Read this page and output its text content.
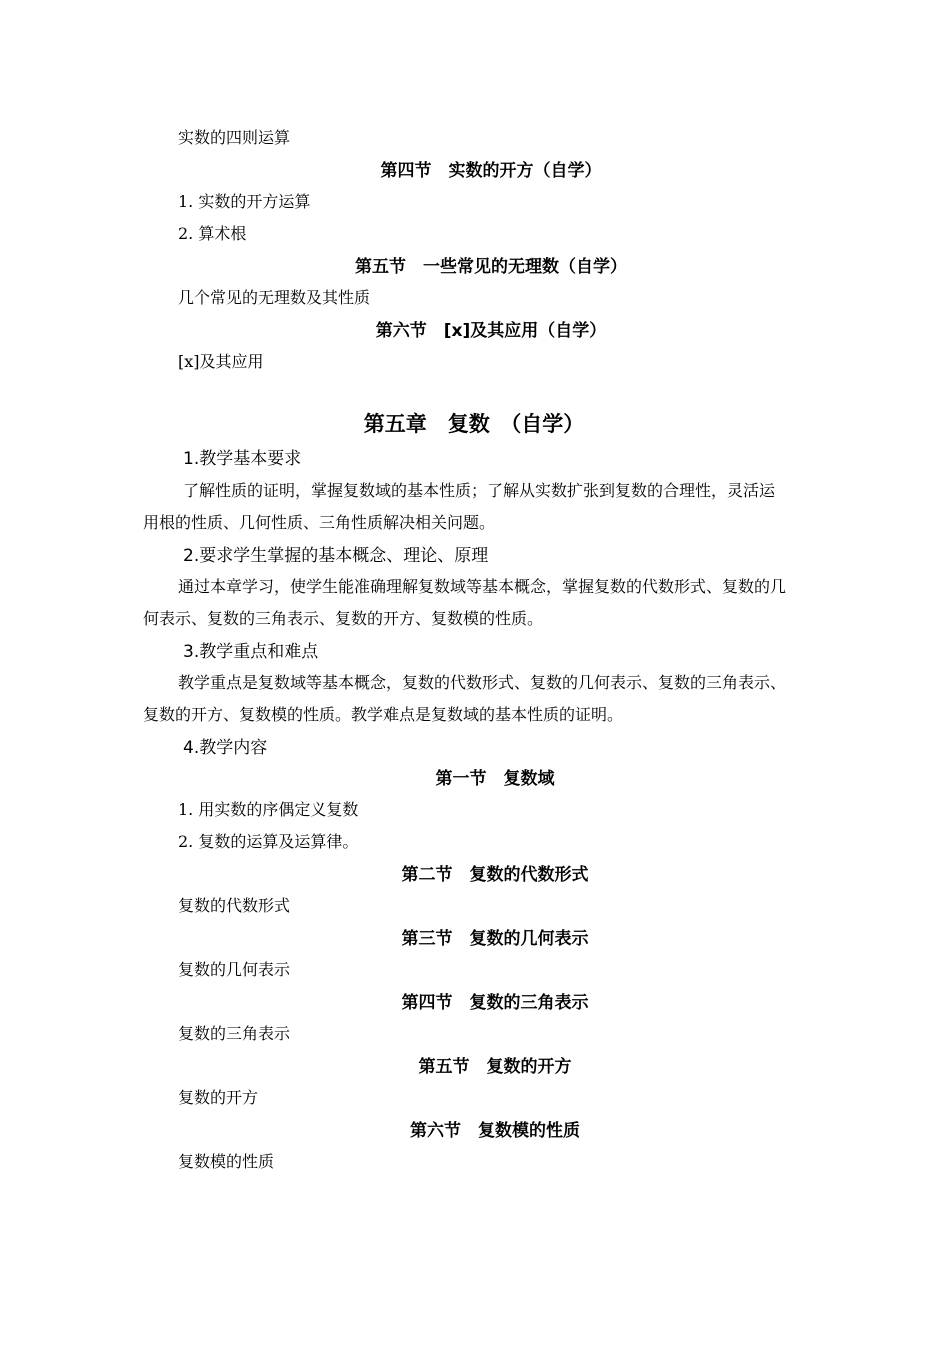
实数的四则运算
第四节　实数的开方（自学）
1. 实数的开方运算
2. 算术根
第五节　一些常见的无理数（自学）
几个常见的无理数及其性质
第六节　[x]及其应用（自学）
[x]及其应用
第五章　复数　（自学）
1.教学基本要求
了解性质的证明，掌握复数域的基本性质；了解从实数扩张到复数的合理性，灵活运
用根的性质、几何性质、三角性质解决相关问题。
2.要求学生掌握的基本概念、理论、原理
通过本章学习，使学生能准确理解复数域等基本概念，掌握复数的代数形式、复数的几
何表示、复数的三角表示、复数的开方、复数模的性质。
3.教学重点和难点
教学重点是复数域等基本概念，复数的代数形式、复数的几何表示、复数的三角表示、
复数的开方、复数模的性质。教学难点是复数域的基本性质的证明。
4.教学内容
第一节　复数域
1. 用实数的序偶定义复数
2. 复数的运算及运算律。
第二节　复数的代数形式
复数的代数形式
第三节　复数的几何表示
复数的几何表示
第四节　复数的三角表示
复数的三角表示
第五节　复数的开方
复数的开方
第六节　复数模的性质
复数模的性质
